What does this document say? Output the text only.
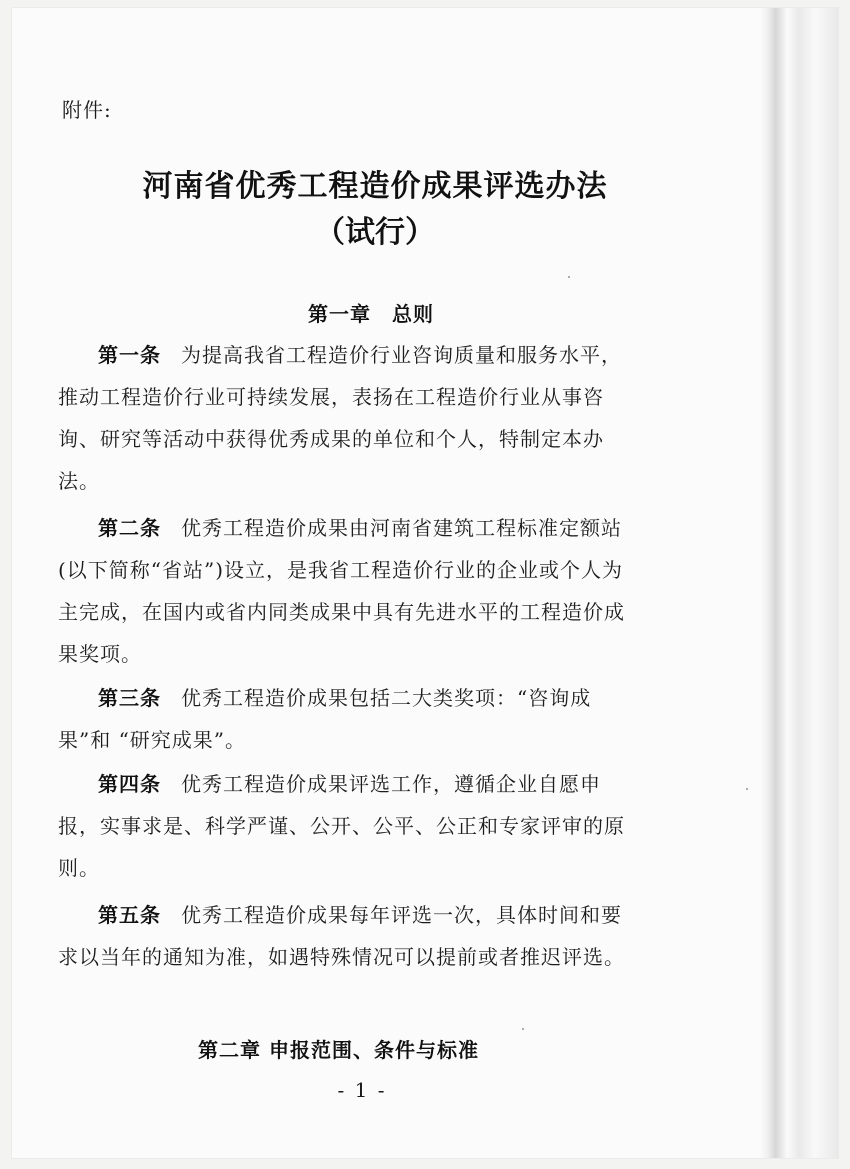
附件:
河南省优秀工程造价成果评选办法
（试行）
第一章　总则

第一条 为提高我省工程造价行业咨询质量和服务水平，推动工程造价行业可持续发展，表扬在工程造价行业从事咨询、研究等活动中获得优秀成果的单位和个人，特制定本办法。

第二条 优秀工程造价成果由河南省建筑工程标准定额站(以下简称“省站”)设立，是我省工程造价行业的企业或个人为主完成，在国内或省内同类成果中具有先进水平的工程造价成果奖项。

第三条 优秀工程造价成果包括二大类奖项：“咨询成果”和 “研究成果”。

第四条 优秀工程造价成果评选工作，遵循企业自愿申报，实事求是、科学严谨、公开、公平、公正和专家评审的原则。

第五条 优秀工程造价成果每年评选一次，具体时间和要求以当年的通知为准，如遇特殊情况可以提前或者推迟评选。

第二章 申报范围、条件与标准
- 1 -
